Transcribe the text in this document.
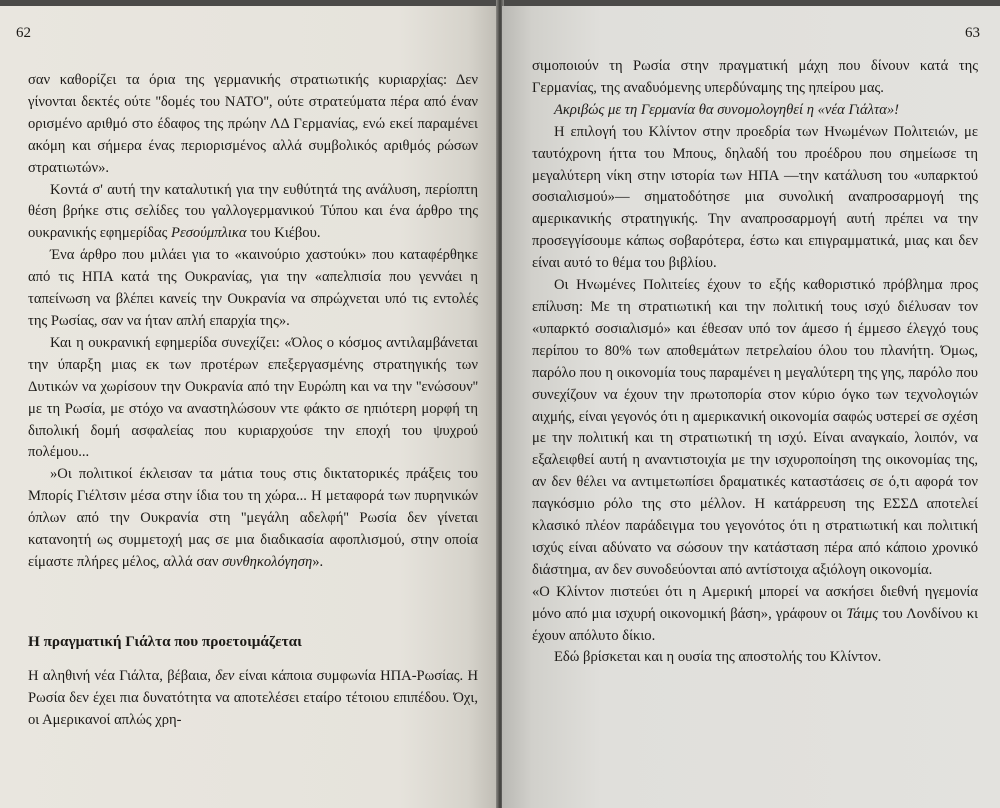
62

σαν καθορίζει τα όρια της γερμανικής στρατιωτικής κυριαρχίας: Δεν γίνονται δεκτές ούτε ''δομές του ΝΑΤΟ'', ούτε στρατεύματα πέρα από έναν ορισμένο αριθμό στο έδαφος της πρώην ΛΔ Γερμανίας, ενώ εκεί παραμένει ακόμη και σήμερα ένας περιορισμένος αλλά συμβολικός αριθμός ρώσων στρατιωτών».

Κοντά σ' αυτή την καταλυτική για την ευθύτητά της ανάλυση, περίοπτη θέση βρήκε στις σελίδες του γαλλογερμανικού Τύπου και ένα άρθρο της ουκρανικής εφημερίδας Ρεσούμπλικα του Κιέβου.

Ένα άρθρο που μιλάει για το «καινούριο χαστούκι» που καταφέρθηκε από τις ΗΠΑ κατά της Ουκρανίας, για την «απελπισία που γεννάει η ταπείνωση να βλέπει κανείς την Ουκρανία να σπρώχνεται υπό τις εντολές της Ρωσίας, σαν να ήταν απλή επαρχία της».

Και η ουκρανική εφημερίδα συνεχίζει: «Όλος ο κόσμος αντιλαμβάνεται την ύπαρξη μιας εκ των προτέρων επεξεργασμένης στρατηγικής των Δυτικών να χωρίσουν την Ουκρανία από την Ευρώπη και να την ''ενώσουν'' με τη Ρωσία, με στόχο να αναστηλώσουν ντε φάκτο σε ηπιότερη μορφή τη διπολική δομή ασφαλείας που κυριαρχούσε την εποχή του ψυχρού πολέμου...

»Οι πολιτικοί έκλεισαν τα μάτια τους στις δικτατορικές πράξεις του Μπορίς Γιέλτσιν μέσα στην ίδια του τη χώρα... Η μεταφορά των πυρηνικών όπλων από την Ουκρανία στη ''μεγάλη αδελφή'' Ρωσία δεν γίνεται κατανοητή ως συμμετοχή μας σε μια διαδικασία αφοπλισμού, στην οποία είμαστε πλήρες μέλος, αλλά σαν συνθηκολόγηση».

Η πραγματική Γιάλτα που προετοιμάζεται

Η αληθινή νέα Γιάλτα, βέβαια, δεν είναι κάποια συμφωνία ΗΠΑ-Ρωσίας. Η Ρωσία δεν έχει πια δυνατότητα να αποτελέσει εταίρο τέτοιου επιπέδου. Όχι, οι Αμερικανοί απλώς χρη-

63

σιμοποιούν τη Ρωσία στην πραγματική μάχη που δίνουν κατά της Γερμανίας, της αναδυόμενης υπερδύναμης της ηπείρου μας.

Ακριβώς με τη Γερμανία θα συνομολογηθεί η «νέα Γιάλτα»!

Η επιλογή του Κλίντον στην προεδρία των Ηνωμένων Πολιτειών, με ταυτόχρονη ήττα του Μπους, δηλαδή του προέδρου που σημείωσε τη μεγαλύτερη νίκη στην ιστορία των ΗΠΑ —την κατάλυση του «υπαρκτού σοσιαλισμού»— σηματοδότησε μια συνολική αναπροσαρμογή της αμερικανικής στρατηγικής. Την αναπροσαρμογή αυτή πρέπει να την προσεγγίσουμε κάπως σοβαρότερα, έστω και επιγραμματικά, μιας και δεν είναι αυτό το θέμα του βιβλίου.

Οι Ηνωμένες Πολιτείες έχουν το εξής καθοριστικό πρόβλημα προς επίλυση: Με τη στρατιωτική και την πολιτική τους ισχύ διέλυσαν τον «υπαρκτό σοσιαλισμό» και έθεσαν υπό τον άμεσο ή έμμεσο έλεγχό τους περίπου το 80% των αποθεμάτων πετρελαίου όλου του πλανήτη. Όμως, παρόλο που η οικονομία τους παραμένει η μεγαλύτερη της γης, παρόλο που συνεχίζουν να έχουν την πρωτοπορία στον κύριο όγκο των τεχνολογιών αιχμής, είναι γεγονός ότι η αμερικανική οικονομία σαφώς υστερεί σε σχέση με την πολιτική και τη στρατιωτική τη ισχύ. Είναι αναγκαίο, λοιπόν, να εξαλειφθεί αυτή η αναντιστοιχία με την ισχυροποίηση της οικονομίας της, αν δεν θέλει να αντιμετωπίσει δραματικές καταστάσεις σε ό,τι αφορά τον παγκόσμιο ρόλο της στο μέλλον. Η κατάρρευση της ΕΣΣΔ αποτελεί κλασικό πλέον παράδειγμα του γεγονότος ότι η στρατιωτική και πολιτική ισχύς είναι αδύνατο να σώσουν την κατάσταση πέρα από κάποιο χρονικό διάστημα, αν δεν συνοδεύονται από αντίστοιχα αξιόλογη οικονομία.

«Ο Κλίντον πιστεύει ότι η Αμερική μπορεί να ασκήσει διεθνή ηγεμονία μόνο από μια ισχυρή οικονομική βάση», γράφουν οι Τάιμς του Λονδίνου κι έχουν απόλυτο δίκιο.

Εδώ βρίσκεται και η ουσία της αποστολής του Κλίντον.
